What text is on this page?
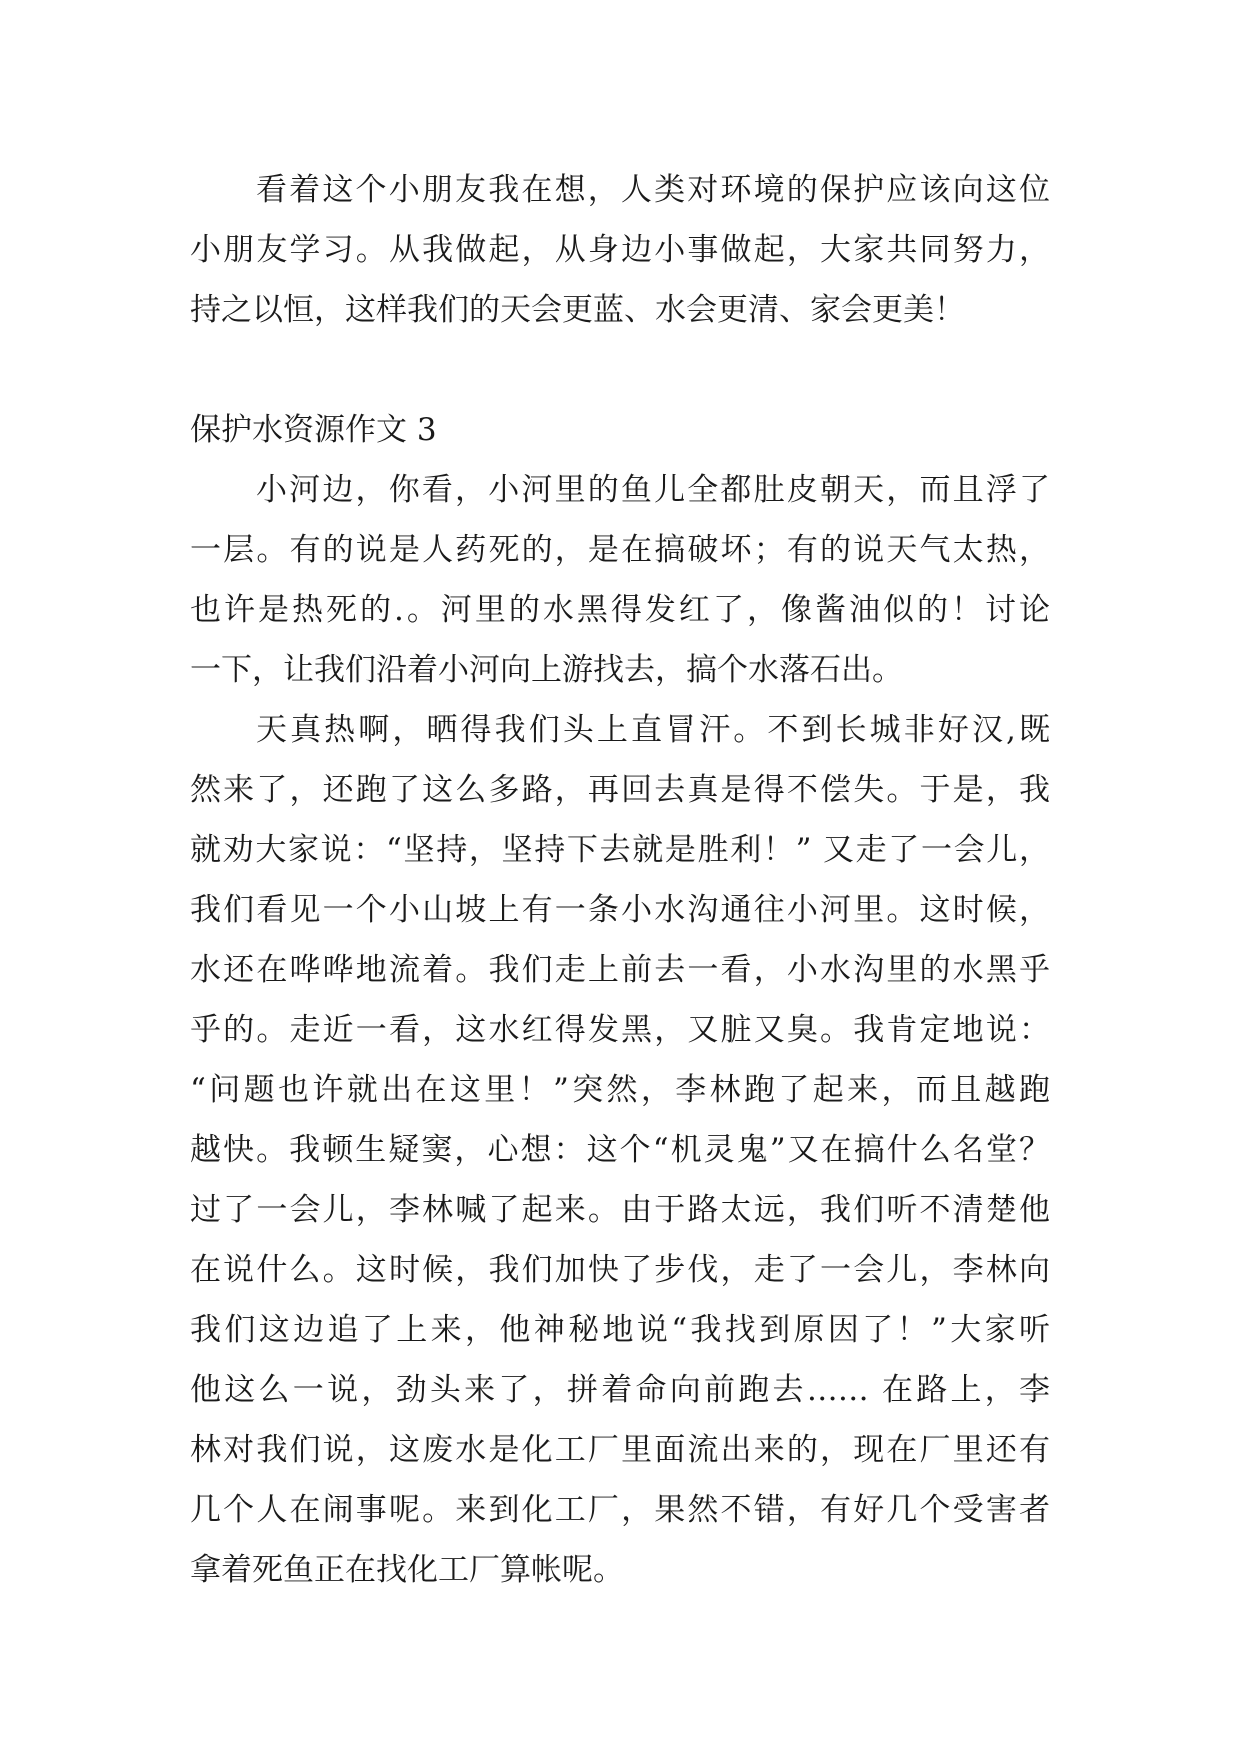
看着这个小朋友我在想，人类对环境的保护应该向这位
小朋友学习。从我做起，从身边小事做起，大家共同努力，
持之以恒，这样我们的天会更蓝、水会更清、家会更美！
保护水资源作文 3
小河边，你看，小河里的鱼儿全都肚皮朝天，而且浮了
一层。有的说是人药死的，是在搞破坏；有的说天气太热，
也许是热死的.。河里的水黑得发红了，像酱油似的！讨论
一下，让我们沿着小河向上游找去，搞个水落石出。
天真热啊，晒得我们头上直冒汗。不到长城非好汉,既
然来了，还跑了这么多路，再回去真是得不偿失。于是，我
就劝大家说：“坚持，坚持下去就是胜利！” 又走了一会儿，
我们看见一个小山坡上有一条小水沟通往小河里。这时候，
水还在哗哗地流着。我们走上前去一看，小水沟里的水黑乎
乎的。走近一看，这水红得发黑，又脏又臭。我肯定地说：
“问题也许就出在这里！”突然，李林跑了起来，而且越跑
越快。我顿生疑窦，心想：这个“机灵鬼”又在搞什么名堂？
过了一会儿，李林喊了起来。由于路太远，我们听不清楚他
在说什么。这时候，我们加快了步伐，走了一会儿，李林向
我们这边追了上来，他神秘地说“我找到原因了！”大家听
他这么一说，劲头来了，拼着命向前跑去…… 在路上，李
林对我们说，这废水是化工厂里面流出来的，现在厂里还有
几个人在闹事呢。来到化工厂，果然不错，有好几个受害者
拿着死鱼正在找化工厂算帐呢。
